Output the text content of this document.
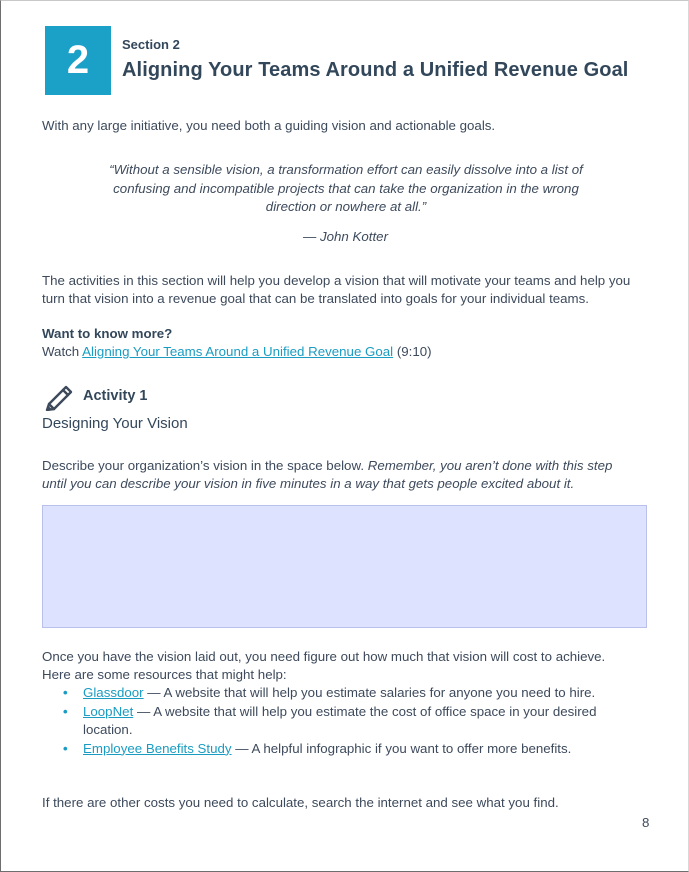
2	Section 2
Aligning Your Teams Around a Unified Revenue Goal
With any large initiative, you need both a guiding vision and actionable goals.
“Without a sensible vision, a transformation effort can easily dissolve into a list of
confusing and incompatible projects that can take the organization in the wrong
direction or nowhere at all.”
— John Kotter
The activities in this section will help you develop a vision that will motivate your teams and help you
turn that vision into a revenue goal that can be translated into goals for your individual teams.
Want to know more?
Watch Aligning Your Teams Around a Unified Revenue Goal (9:10)
Activity 1
Designing Your Vision
Describe your organization’s vision in the space below. Remember, you aren’t done with this step
until you can describe your vision in five minutes in a way that gets people excited about it.
Once you have the vision laid out, you need figure out how much that vision will cost to achieve.
Here are some resources that might help:
• Glassdoor — A website that will help you estimate salaries for anyone you need to hire.
• LoopNet — A website that will help you estimate the cost of office space in your desired location.
• Employee Benefits Study — A helpful infographic if you want to offer more benefits.
If there are other costs you need to calculate, search the internet and see what you find.
8
